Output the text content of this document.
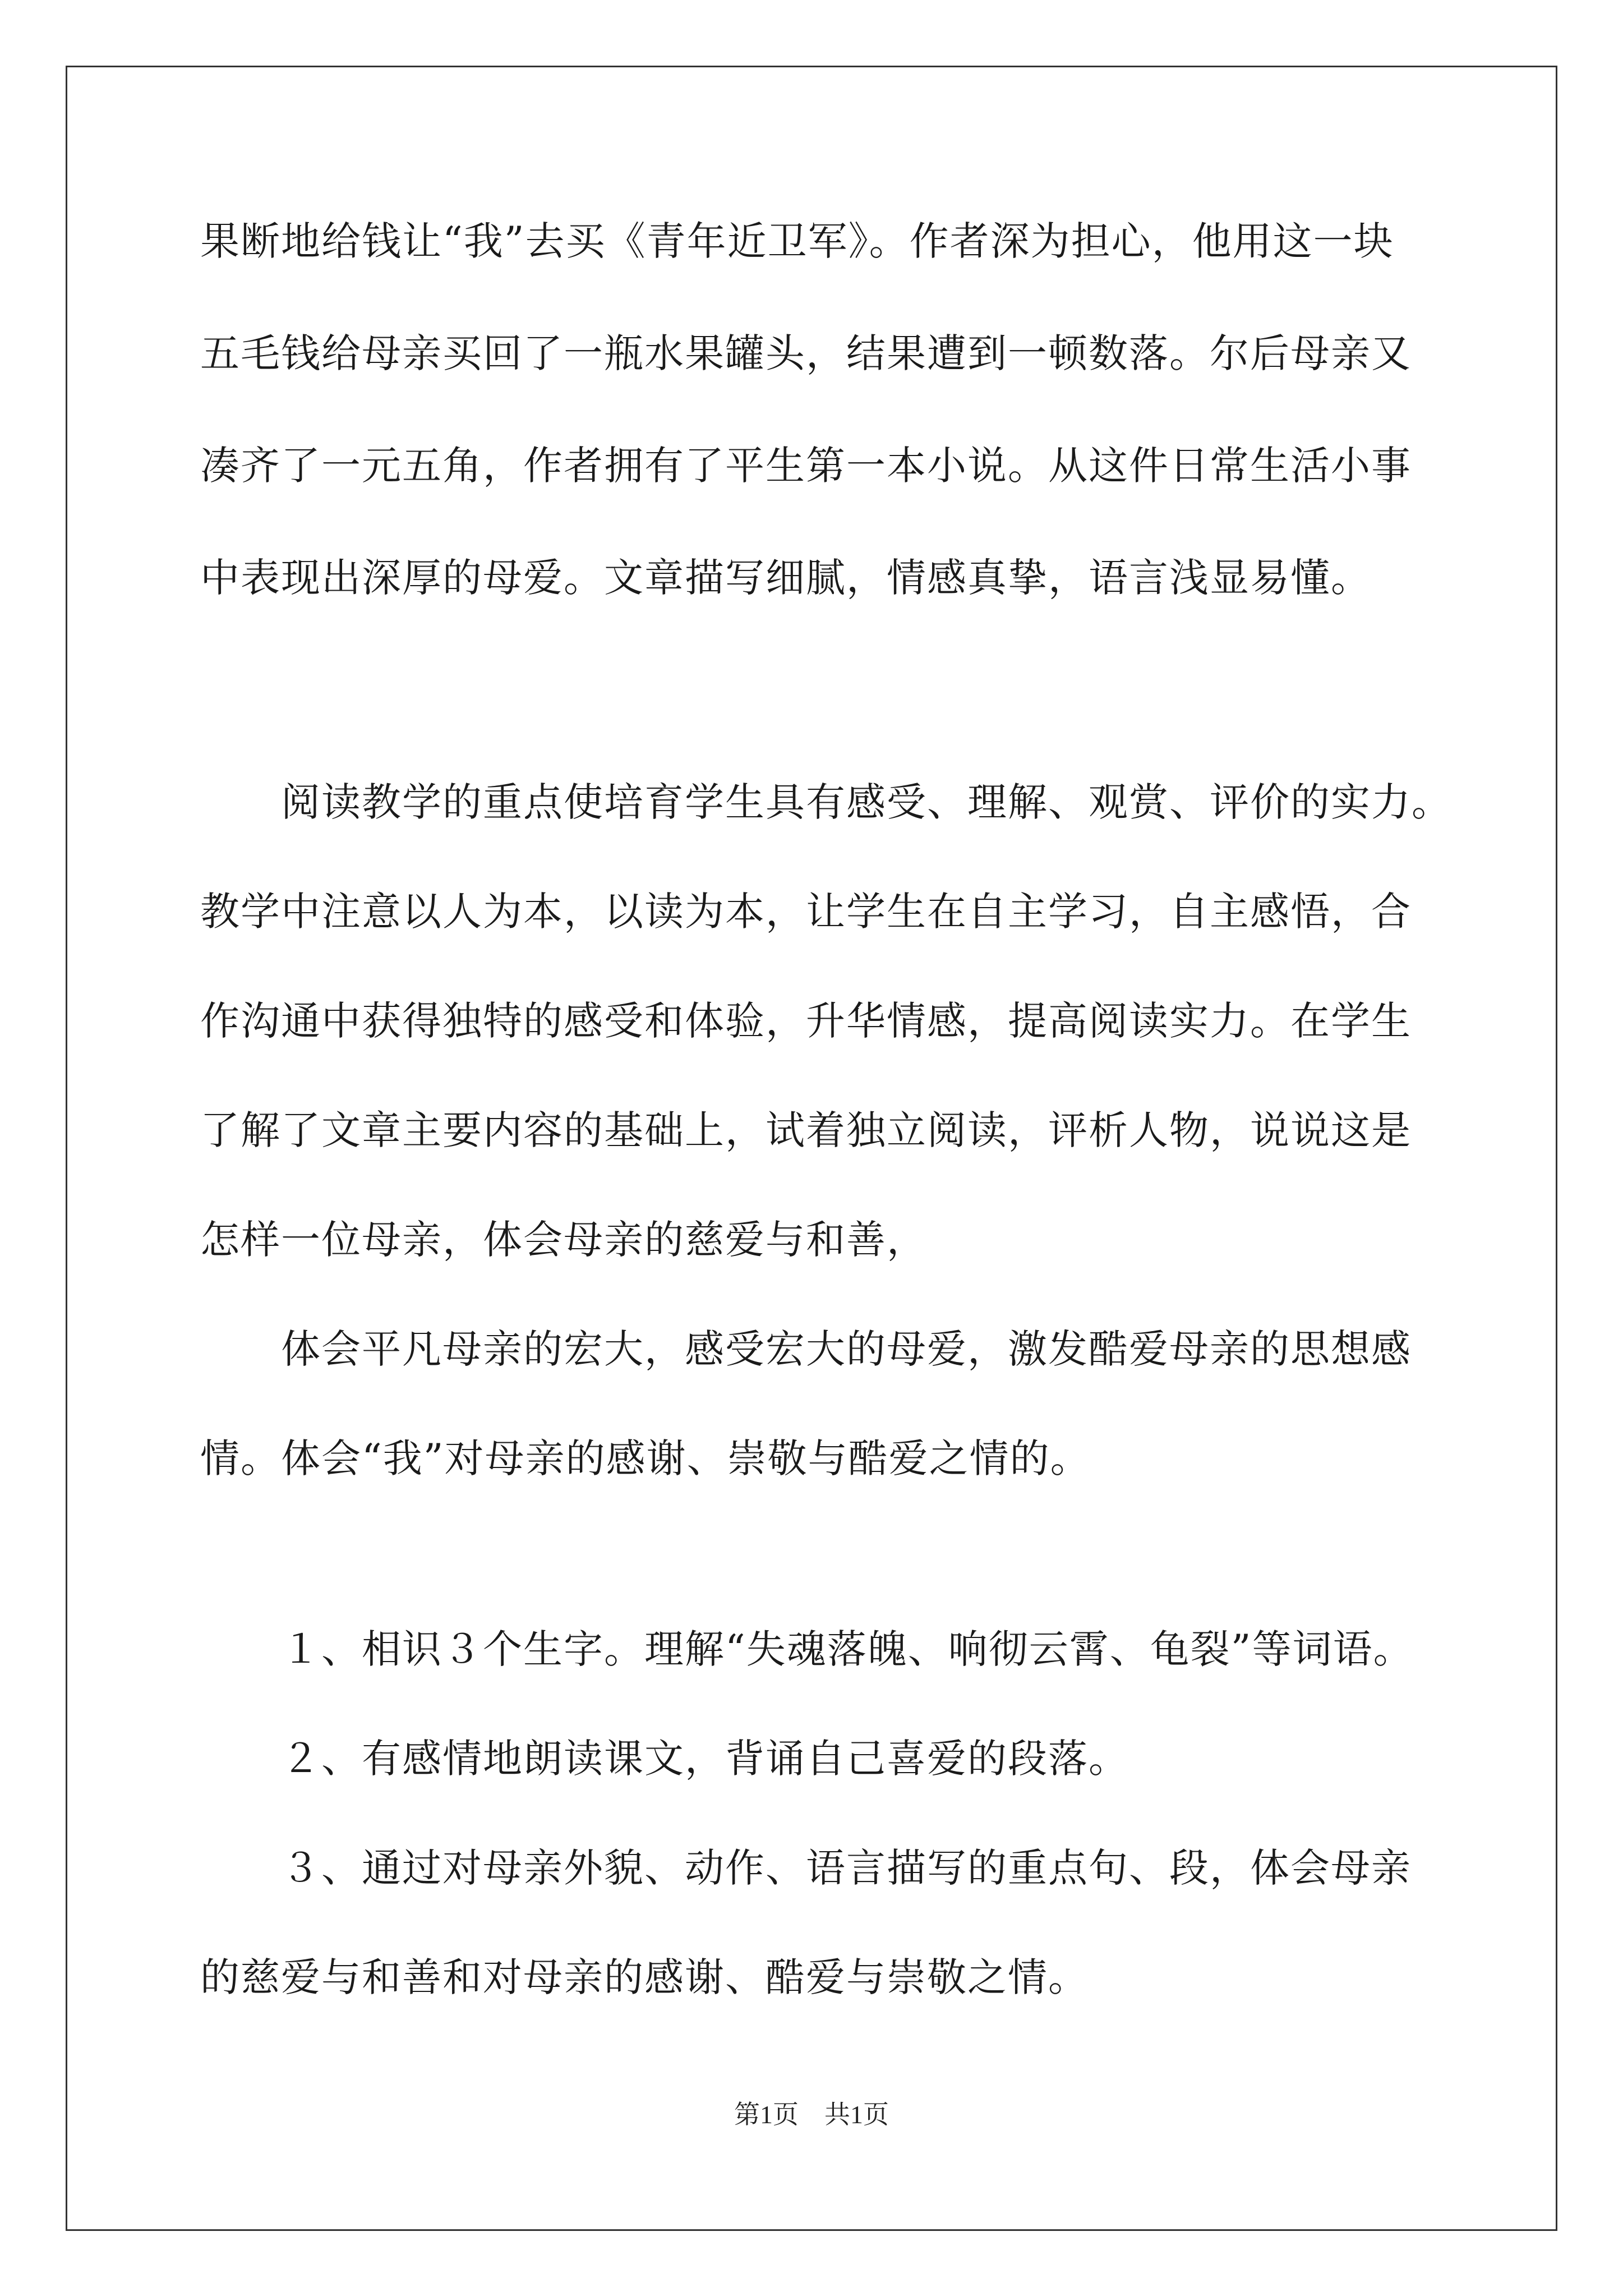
果断地给钱让“我”去买《青年近卫军》。作者深为担心，他用这一块
五毛钱给母亲买回了一瓶水果罐头，结果遭到一顿数落。尔后母亲又
凑齐了一元五角，作者拥有了平生第一本小说。从这件日常生活小事
中表现出深厚的母爱。文章描写细腻，情感真挚，语言浅显易懂。
　　阅读教学的重点使培育学生具有感受、理解、观赏、评价的实力。
教学中注意以人为本，以读为本，让学生在自主学习，自主感悟，合
作沟通中获得独特的感受和体验，升华情感，提高阅读实力。在学生
了解了文章主要内容的基础上，试着独立阅读，评析人物，说说这是
怎样一位母亲，体会母亲的慈爱与和善，
　　体会平凡母亲的宏大，感受宏大的母爱，激发酷爱母亲的思想感
情。体会“我”对母亲的感谢、崇敬与酷爱之情的。
　　１、相识３个生字。理解“失魂落魄、响彻云霄、龟裂”等词语。
　　２、有感情地朗读课文，背诵自己喜爱的段落。
　　３、通过对母亲外貌、动作、语言描写的重点句、段，体会母亲
的慈爱与和善和对母亲的感谢、酷爱与崇敬之情。
第1页　共1页
